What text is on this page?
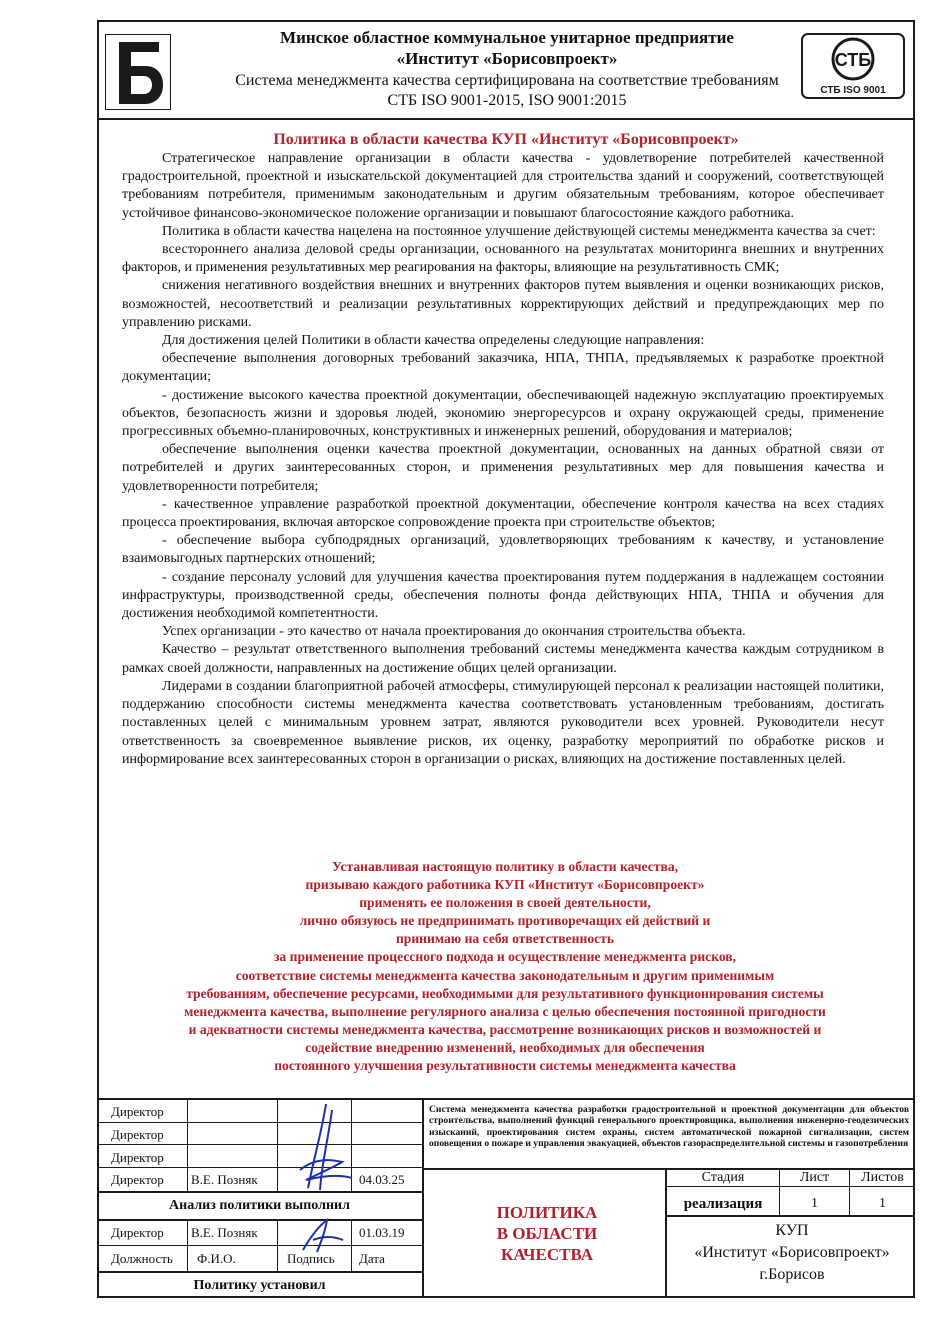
Б	Минское областное коммунальное унитарное предприятие
«Институт «Борисовпроект»
Система менеджмента качества сертифицирована на соответствие требованиям
СТБ ISO 9001-2015, ISO 9001:2015
СТБ
СТБ ISO 9001
Политика в области качества КУП «Институт «Борисовпроект»

Стратегическое направление организации в области качества - удовлетворение потребителей качественной градостроительной, проектной и изыскательской документацией для строительства зданий и сооружений, соответствующей требованиям потребителя, применимым законодательным и другим обязательным требованиям, которое обеспечивает устойчивое финансово-экономическое положение организации и повышают благосостояние каждого работника.

Политика в области качества нацелена на постоянное улучшение действующей системы менеджмента качества за счет:

всестороннего анализа деловой среды организации, основанного на результатах мониторинга внешних и внутренних факторов, и применения результативных мер реагирования на факторы, влияющие на результативность СМК;

снижения негативного воздействия внешних и внутренних факторов путем выявления и оценки возникающих рисков, возможностей, несоответствий и реализации результативных корректирующих действий и предупреждающих мер по управлению рисками.

Для достижения целей Политики в области качества определены следующие направления:

обеспечение выполнения договорных требований заказчика, НПА, ТНПА, предъявляемых к разработке проектной документации;

- достижение высокого качества проектной документации, обеспечивающей надежную эксплуатацию проектируемых объектов, безопасность жизни и здоровья людей, экономию энергоресурсов и охрану окружающей среды, применение прогрессивных объемно-планировочных, конструктивных и инженерных решений, оборудования и материалов;

обеспечение выполнения оценки качества проектной документации, основанных на данных обратной связи от потребителей и других заинтересованных сторон, и применения результативных мер для повышения качества и удовлетворенности потребителя;

- качественное управление разработкой проектной документации, обеспечение контроля качества на всех стадиях процесса проектирования, включая авторское сопровождение проекта при строительстве объектов;

- обеспечение выбора субподрядных организаций, удовлетворяющих требованиям к качеству, и установление взаимовыгодных партнерских отношений;

- создание персоналу условий для улучшения качества проектирования путем поддержания в надлежащем состоянии инфраструктуры, производственной среды, обеспечения полноты фонда действующих НПА, ТНПА и обучения для достижения необходимой компетентности.

Успех организации - это качество от начала проектирования до окончания строительства объекта.

Качество – результат ответственного выполнения требований системы менеджмента качества каждым сотрудником в рамках своей должности, направленных на достижение общих целей организации.

Лидерами в создании благоприятной рабочей атмосферы, стимулирующей персонал к реализации настоящей политики, поддержанию способности системы менеджмента качества соответствовать установленным требованиям, достигать поставленных целей с минимальным уровнем затрат, являются руководители всех уровней. Руководители несут ответственность за своевременное выявление рисков, их оценку, разработку мероприятий по обработке рисков и информирование всех заинтересованных сторон в организации о рисках, влияющих на достижение поставленных целей.

Устанавливая настоящую политику в области качества,
призываю каждого работника КУП «Институт «Борисовпроект»
применять ее положения в своей деятельности,
лично обязуюсь не предпринимать противоречащих ей действий и
принимаю на себя ответственность
за применение процессного подхода и осуществление менеджмента рисков,
соответствие системы менеджмента качества законодательным и другим применимым
требованиям, обеспечение ресурсами, необходимыми для результативного функционирования системы
менеджмента качества, выполнение регулярного анализа с целью обеспечения постоянной пригодности
и адекватности системы менеджмента качества, рассмотрение возникающих рисков и возможностей и
содействие внедрению изменений, необходимых для обеспечения
постоянного улучшения результативности системы менеджмента качества
Директор
Директор
Директор
Директор В.Е. Позняк	04.03.25
Анализ политики выполнил
Директор В.Е. Позняк	01.03.19
Должность Ф.И.О.	Подпись Дата
Политику установил
Система менеджмента качества разработки градостроительной и проектной документации для объектов строительства, выполнений функций генерального проектировщика, выполнения инженерно-геодезических изысканий, проектирования систем охраны, систем автоматической пожарной сигнализации, систем оповещения о пожаре и управления эвакуацией, объектов газораспределительной системы и газопотребления
ПОЛИТИКА
В ОБЛАСТИ
КАЧЕСТВА
Стадия	Лист	Листов
реализация	1	1
КУП
«Институт «Борисовпроект»
г.Борисов
